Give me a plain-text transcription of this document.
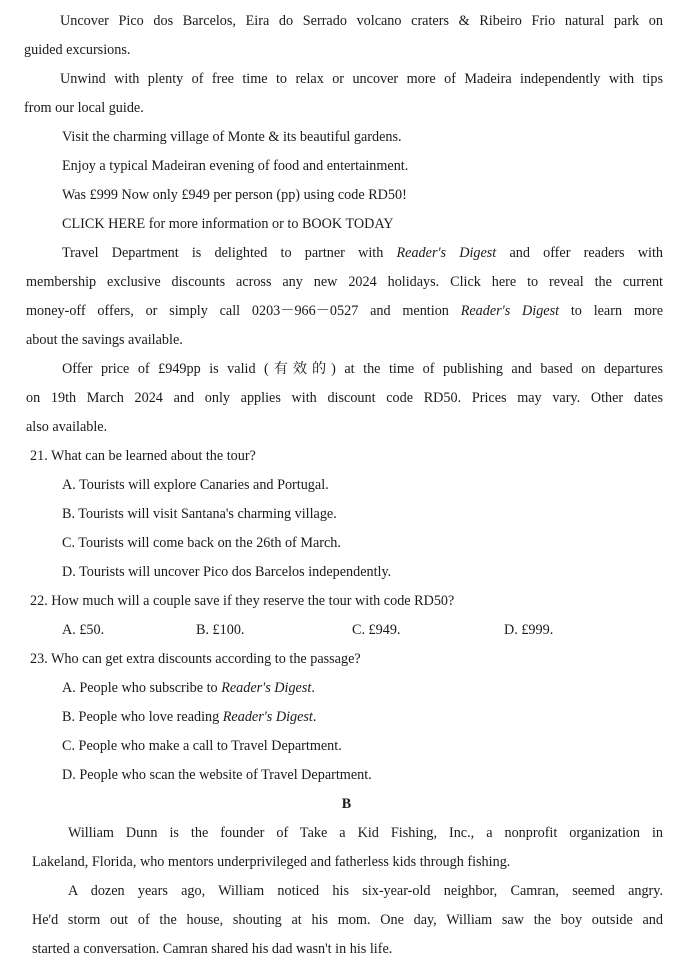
Uncover Pico dos Barcelos, Eira do Serrado volcano craters & Ribeiro Frio natural park on
guided excursions.
Unwind with plenty of free time to relax or uncover more of Madeira independently with tips
from our local guide.
Visit the charming village of Monte & its beautiful gardens.
Enjoy a typical Madeiran evening of food and entertainment.
Was £999 Now only £949 per person (pp) using code RD50!
CLICK HERE for more information or to BOOK TODAY
Travel Department is delighted to partner with Reader's Digest and offer readers with
membership exclusive discounts across any new 2024 holidays. Click here to reveal the current
money-off offers, or simply call 0203－966－0527 and mention Reader's Digest to learn more
about the savings available.
Offer price of £949pp is valid (有效的) at the time of publishing and based on departures
on 19th March 2024 and only applies with discount code RD50. Prices may vary. Other dates
also available.
21. What can be learned about the tour?
A. Tourists will explore Canaries and Portugal.
B. Tourists will visit Santana's charming village.
C. Tourists will come back on the 26th of March.
D. Tourists will uncover Pico dos Barcelos independently.
22. How much will a couple save if they reserve the tour with code RD50?
A. £50.	B. £100.	C. £949.	D. £999.
23. Who can get extra discounts according to the passage?
A. People who subscribe to Reader's Digest.
B. People who love reading Reader's Digest.
C. People who make a call to Travel Department.
D. People who scan the website of Travel Department.
B
William Dunn is the founder of Take a Kid Fishing, Inc., a nonprofit organization in
Lakeland, Florida, who mentors underprivileged and fatherless kids through fishing.
A dozen years ago, William noticed his six-year-old neighbor, Camran, seemed angry.
He'd storm out of the house, shouting at his mom. One day, William saw the boy outside and
started a conversation. Camran shared his dad wasn't in his life.
